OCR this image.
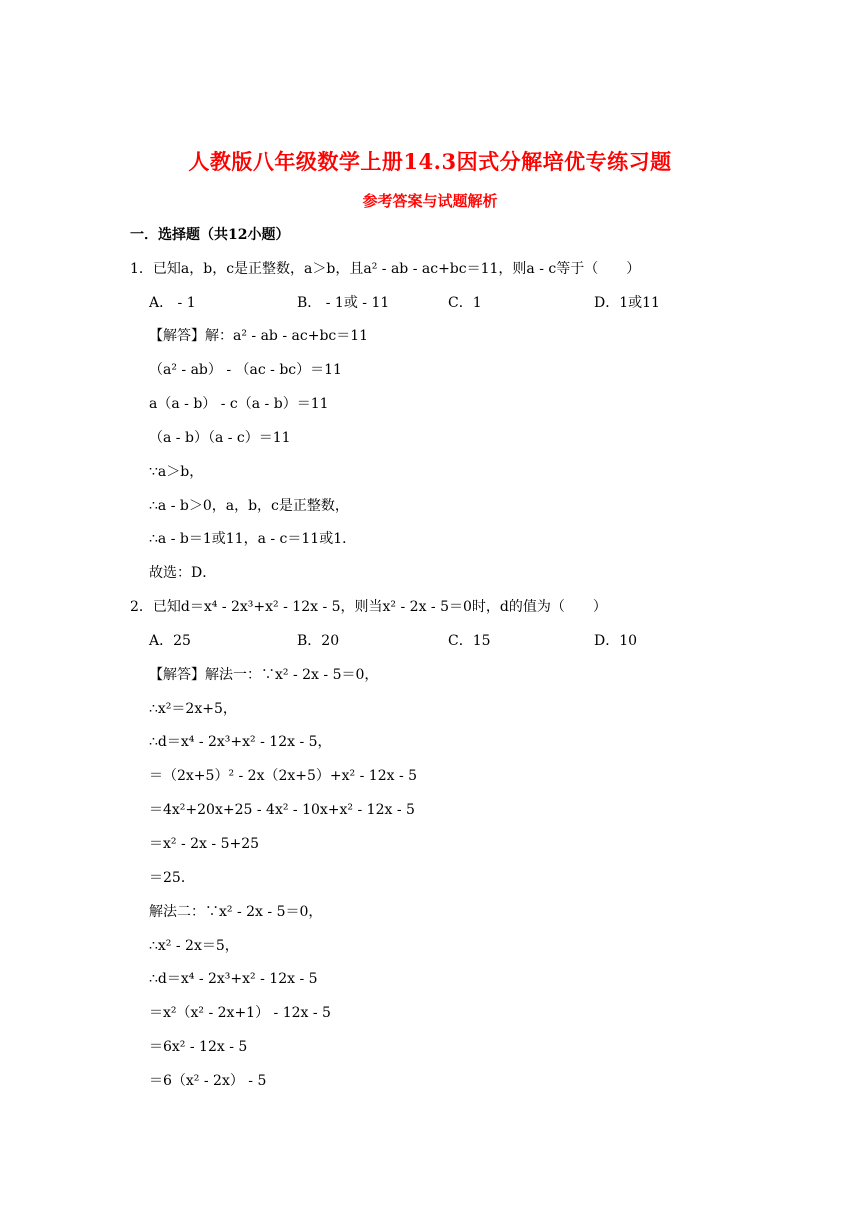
人教版八年级数学上册14.3因式分解培优专练习题
参考答案与试题解析
一．选择题（共12小题）
1．已知a，b，c是正整数，a＞b，且a² - ab - ac+bc＝11，则a - c等于（　　）
A． - 1	B． - 1或 - 11	C．1	D．1或11
【解答】解：a² - ab - ac+bc＝11
（a² - ab） - （ac - bc）＝11
a（a - b） - c（a - b）＝11
（a - b）（a - c）＝11
∵a＞b，
∴a - b＞0，a，b，c是正整数，
∴a - b＝1或11，a - c＝11或1．
故选：D．
2．已知d＝x⁴ - 2x³+x² - 12x - 5，则当x² - 2x - 5＝0时，d的值为（　　）
A．25	B．20	C．15	D．10
【解答】解法一：∵x² - 2x - 5＝0，
∴x²＝2x+5，
∴d＝x⁴ - 2x³+x² - 12x - 5，
＝（2x+5）² - 2x（2x+5）+x² - 12x - 5
＝4x²+20x+25 - 4x² - 10x+x² - 12x - 5
＝x² - 2x - 5+25
＝25．
解法二：∵x² - 2x - 5＝0，
∴x² - 2x＝5，
∴d＝x⁴ - 2x³+x² - 12x - 5
＝x²（x² - 2x+1） - 12x - 5
＝6x² - 12x - 5
＝6（x² - 2x） - 5
